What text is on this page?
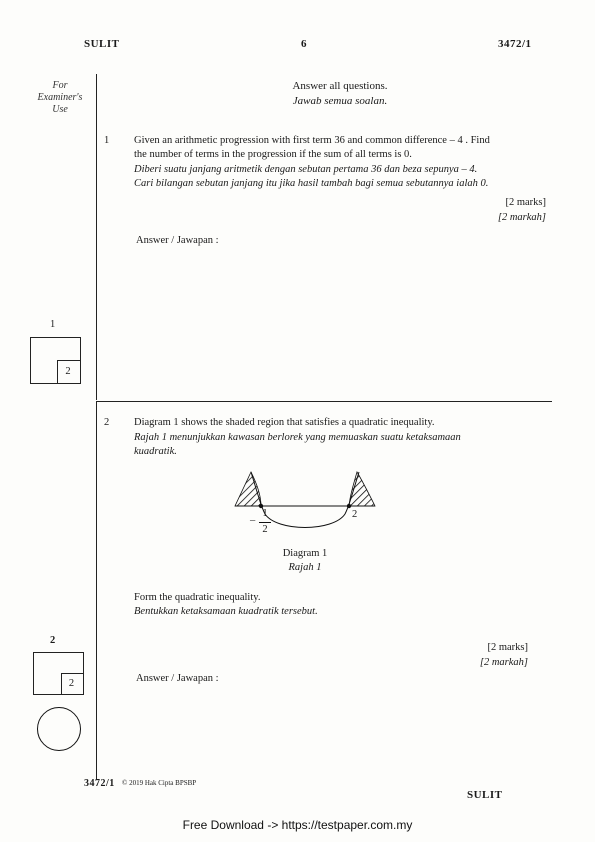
SULIT	6	3472/1
For
Examiner's
Use
Answer all questions.
Jawab semua soalan.
1 Given an arithmetic progression with first term 36 and common difference – 4 . Find
the number of terms in the progression if the sum of all terms is 0.
Diberi suatu janjang aritmetik dengan sebutan pertama 36 dan beza sepunya – 4.
Cari bilangan sebutan janjang itu jika hasil tambah bagi semua sebutannya ialah 0.
[2 marks]
[2 markah]
Answer / Jawapan :
1
2
2 Diagram 1 shows the shaded region that satisfies a quadratic inequality.
Rajah 1 menunjukkan kawasan berlorek yang memuaskan suatu ketaksamaan
kuadratik.
–
1
2
2
Diagram 1
Rajah 1
Form the quadratic inequality.
Bentukkan ketaksamaan kuadratik tersebut.
[2 marks]
[2 markah]
Answer / Jawapan :
2
2
3472/1 © 2019 Hak Cipta BPSBP
SULIT
Free Download -> https://testpaper.com.my
